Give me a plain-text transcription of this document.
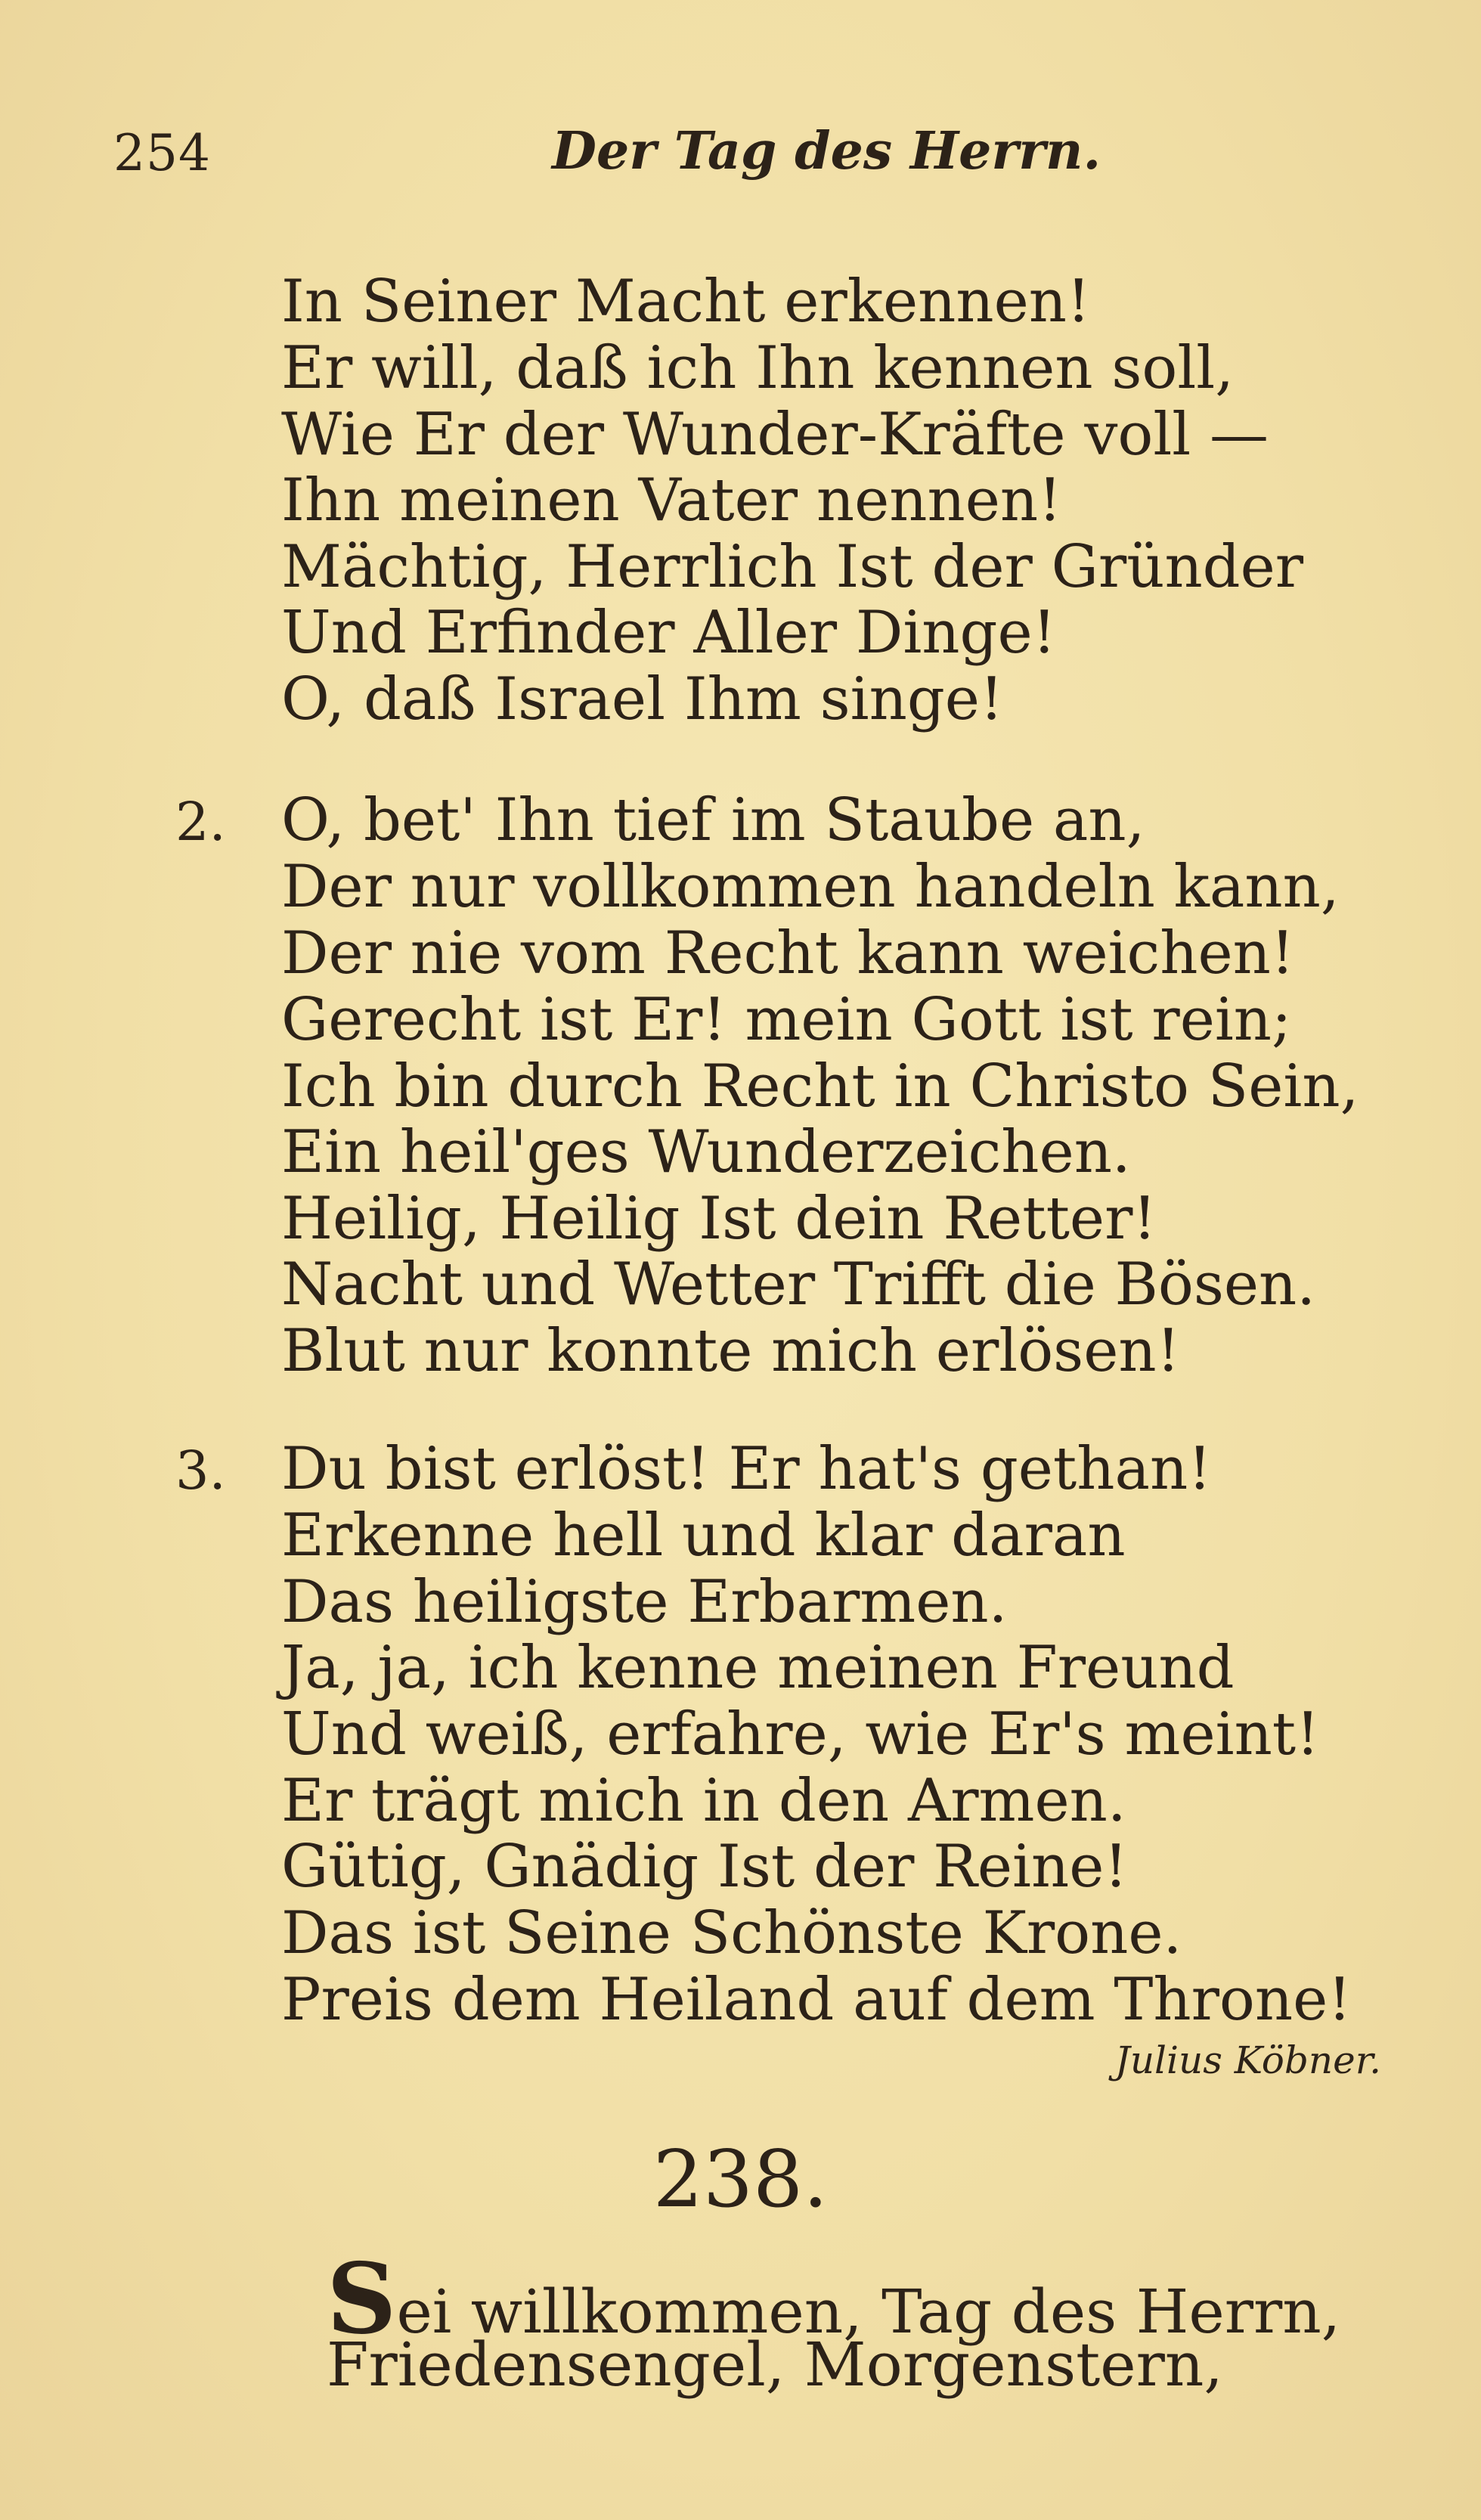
254	Der Tag des Herrn.
In Seiner Macht erkennen!
Er will, daß ich Ihn kennen soll,
Wie Er der Wunder-Kräfte voll —
Ihn meinen Vater nennen!
Mächtig, Herrlich Ist der Gründer
Und Erfinder Aller Dinge!
O, daß Israel Ihm singe!
2. O, bet' Ihn tief im Staube an,
Der nur vollkommen handeln kann,
Der nie vom Recht kann weichen!
Gerecht ist Er! mein Gott ist rein;
Ich bin durch Recht in Christo Sein,
Ein heil'ges Wunderzeichen.
Heilig, Heilig Ist dein Retter!
Nacht und Wetter Trifft die Bösen.
Blut nur konnte mich erlösen!
3. Du bist erlöst! Er hat's gethan!
Erkenne hell und klar daran
Das heiligste Erbarmen.
Ja, ja, ich kenne meinen Freund
Und weiß, erfahre, wie Er's meint!
Er trägt mich in den Armen.
Gütig, Gnädig Ist der Reine!
Das ist Seine Schönste Krone.
Preis dem Heiland auf dem Throne!
Julius Köbner.
238.
Sei willkommen, Tag des Herrn,
Friedensengel, Morgenstern,
